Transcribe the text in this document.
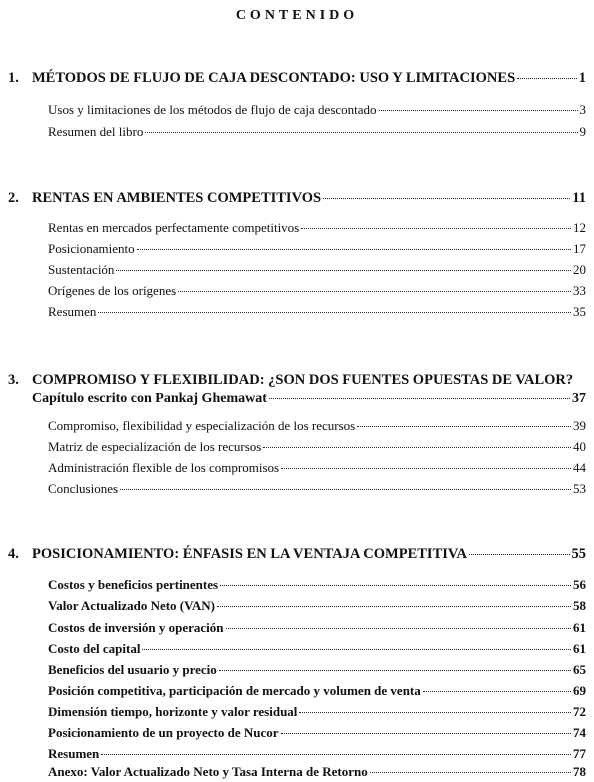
CONTENIDO
1. MÉTODOS DE FLUJO DE CAJA DESCONTADO: USO Y LIMITACIONES	1
Usos y limitaciones de los métodos de flujo de caja descontado	3
Resumen del libro	9
2. RENTAS EN AMBIENTES COMPETITIVOS	11
Rentas en mercados perfectamente competitivos	12
Posicionamiento	17
Sustentación	20
Orígenes de los orígenes	33
Resumen	35
3. COMPROMISO Y FLEXIBILIDAD: ¿SON DOS FUENTES OPUESTAS DE VALOR?
Capítulo escrito con Pankaj Ghemawat	37
Compromiso, flexibilidad y especialización de los recursos	39
Matriz de especialización de los recursos	40
Administración flexible de los compromisos	44
Conclusiones	53
4. POSICIONAMIENTO: ÉNFASIS EN LA VENTAJA COMPETITIVA	55
Costos y beneficios pertinentes	56
Valor Actualizado Neto (VAN)	58
Costos de inversión y operación	61
Costo del capital	61
Beneficios del usuario y precio	65
Posición competitiva, participación de mercado y volumen de venta	69
Dimensión tiempo, horizonte y valor residual	72
Posicionamiento de un proyecto de Nucor	74
Resumen	77
Anexo: Valor Actualizado Neto y Tasa Interna de Retorno	78
